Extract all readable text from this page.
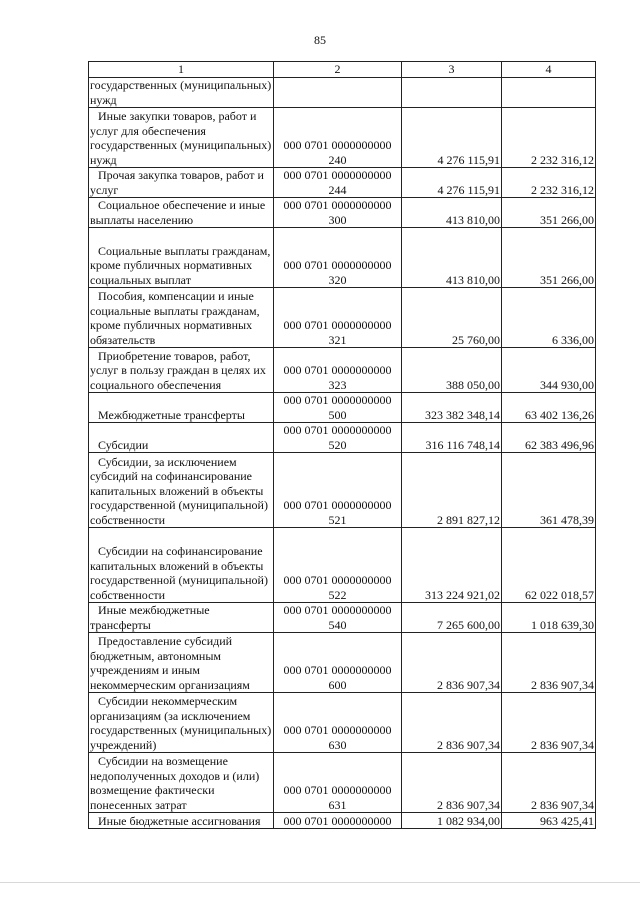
85
1	2	3	4

государственных (муниципальных) нужд			

Иные закупки товаров, работ и услуг для обеспечения государственных (муниципальных) нужд	000 0701 0000000000
240	4 276 115,91	2 232 316,12

Прочая закупка товаров, работ и услуг	000 0701 0000000000
244	4 276 115,91	2 232 316,12

Социальное обеспечение и иные выплаты населению	000 0701 0000000000
300	413 810,00	351 266,00

Социальные выплаты гражданам, кроме публичных нормативных социальных выплат	000 0701 0000000000
320	413 810,00	351 266,00

Пособия, компенсации и иные социальные выплаты гражданам, кроме публичных нормативных обязательств	000 0701 0000000000
321	25 760,00	6 336,00

Приобретение товаров, работ, услуг в пользу граждан в целях их социального обеспечения	000 0701 0000000000
323	388 050,00	344 930,00

Межбюджетные трансферты	000 0701 0000000000
500	323 382 348,14	63 402 136,26

Субсидии	000 0701 0000000000
520	316 116 748,14	62 383 496,96

Субсидии, за исключением субсидий на софинансирование капитальных вложений в объекты государственной (муниципальной) собственности	000 0701 0000000000
521	2 891 827,12	361 478,39

Субсидии на софинансирование капитальных вложений в объекты государственной (муниципальной) собственности	000 0701 0000000000
522	313 224 921,02	62 022 018,57

Иные межбюджетные трансферты	000 0701 0000000000
540	7 265 600,00	1 018 639,30

Предоставление субсидий бюджетным, автономным учреждениям и иным некоммерческим организациям	000 0701 0000000000
600	2 836 907,34	2 836 907,34

Субсидии некоммерческим организациям (за исключением государственных (муниципальных) учреждений)	000 0701 0000000000
630	2 836 907,34	2 836 907,34

Субсидии на возмещение недополученных доходов и (или) возмещение фактически понесенных затрат	000 0701 0000000000
631	2 836 907,34	2 836 907,34

Иные бюджетные ассигнования	000 0701 0000000000	1 082 934,00	963 425,41
